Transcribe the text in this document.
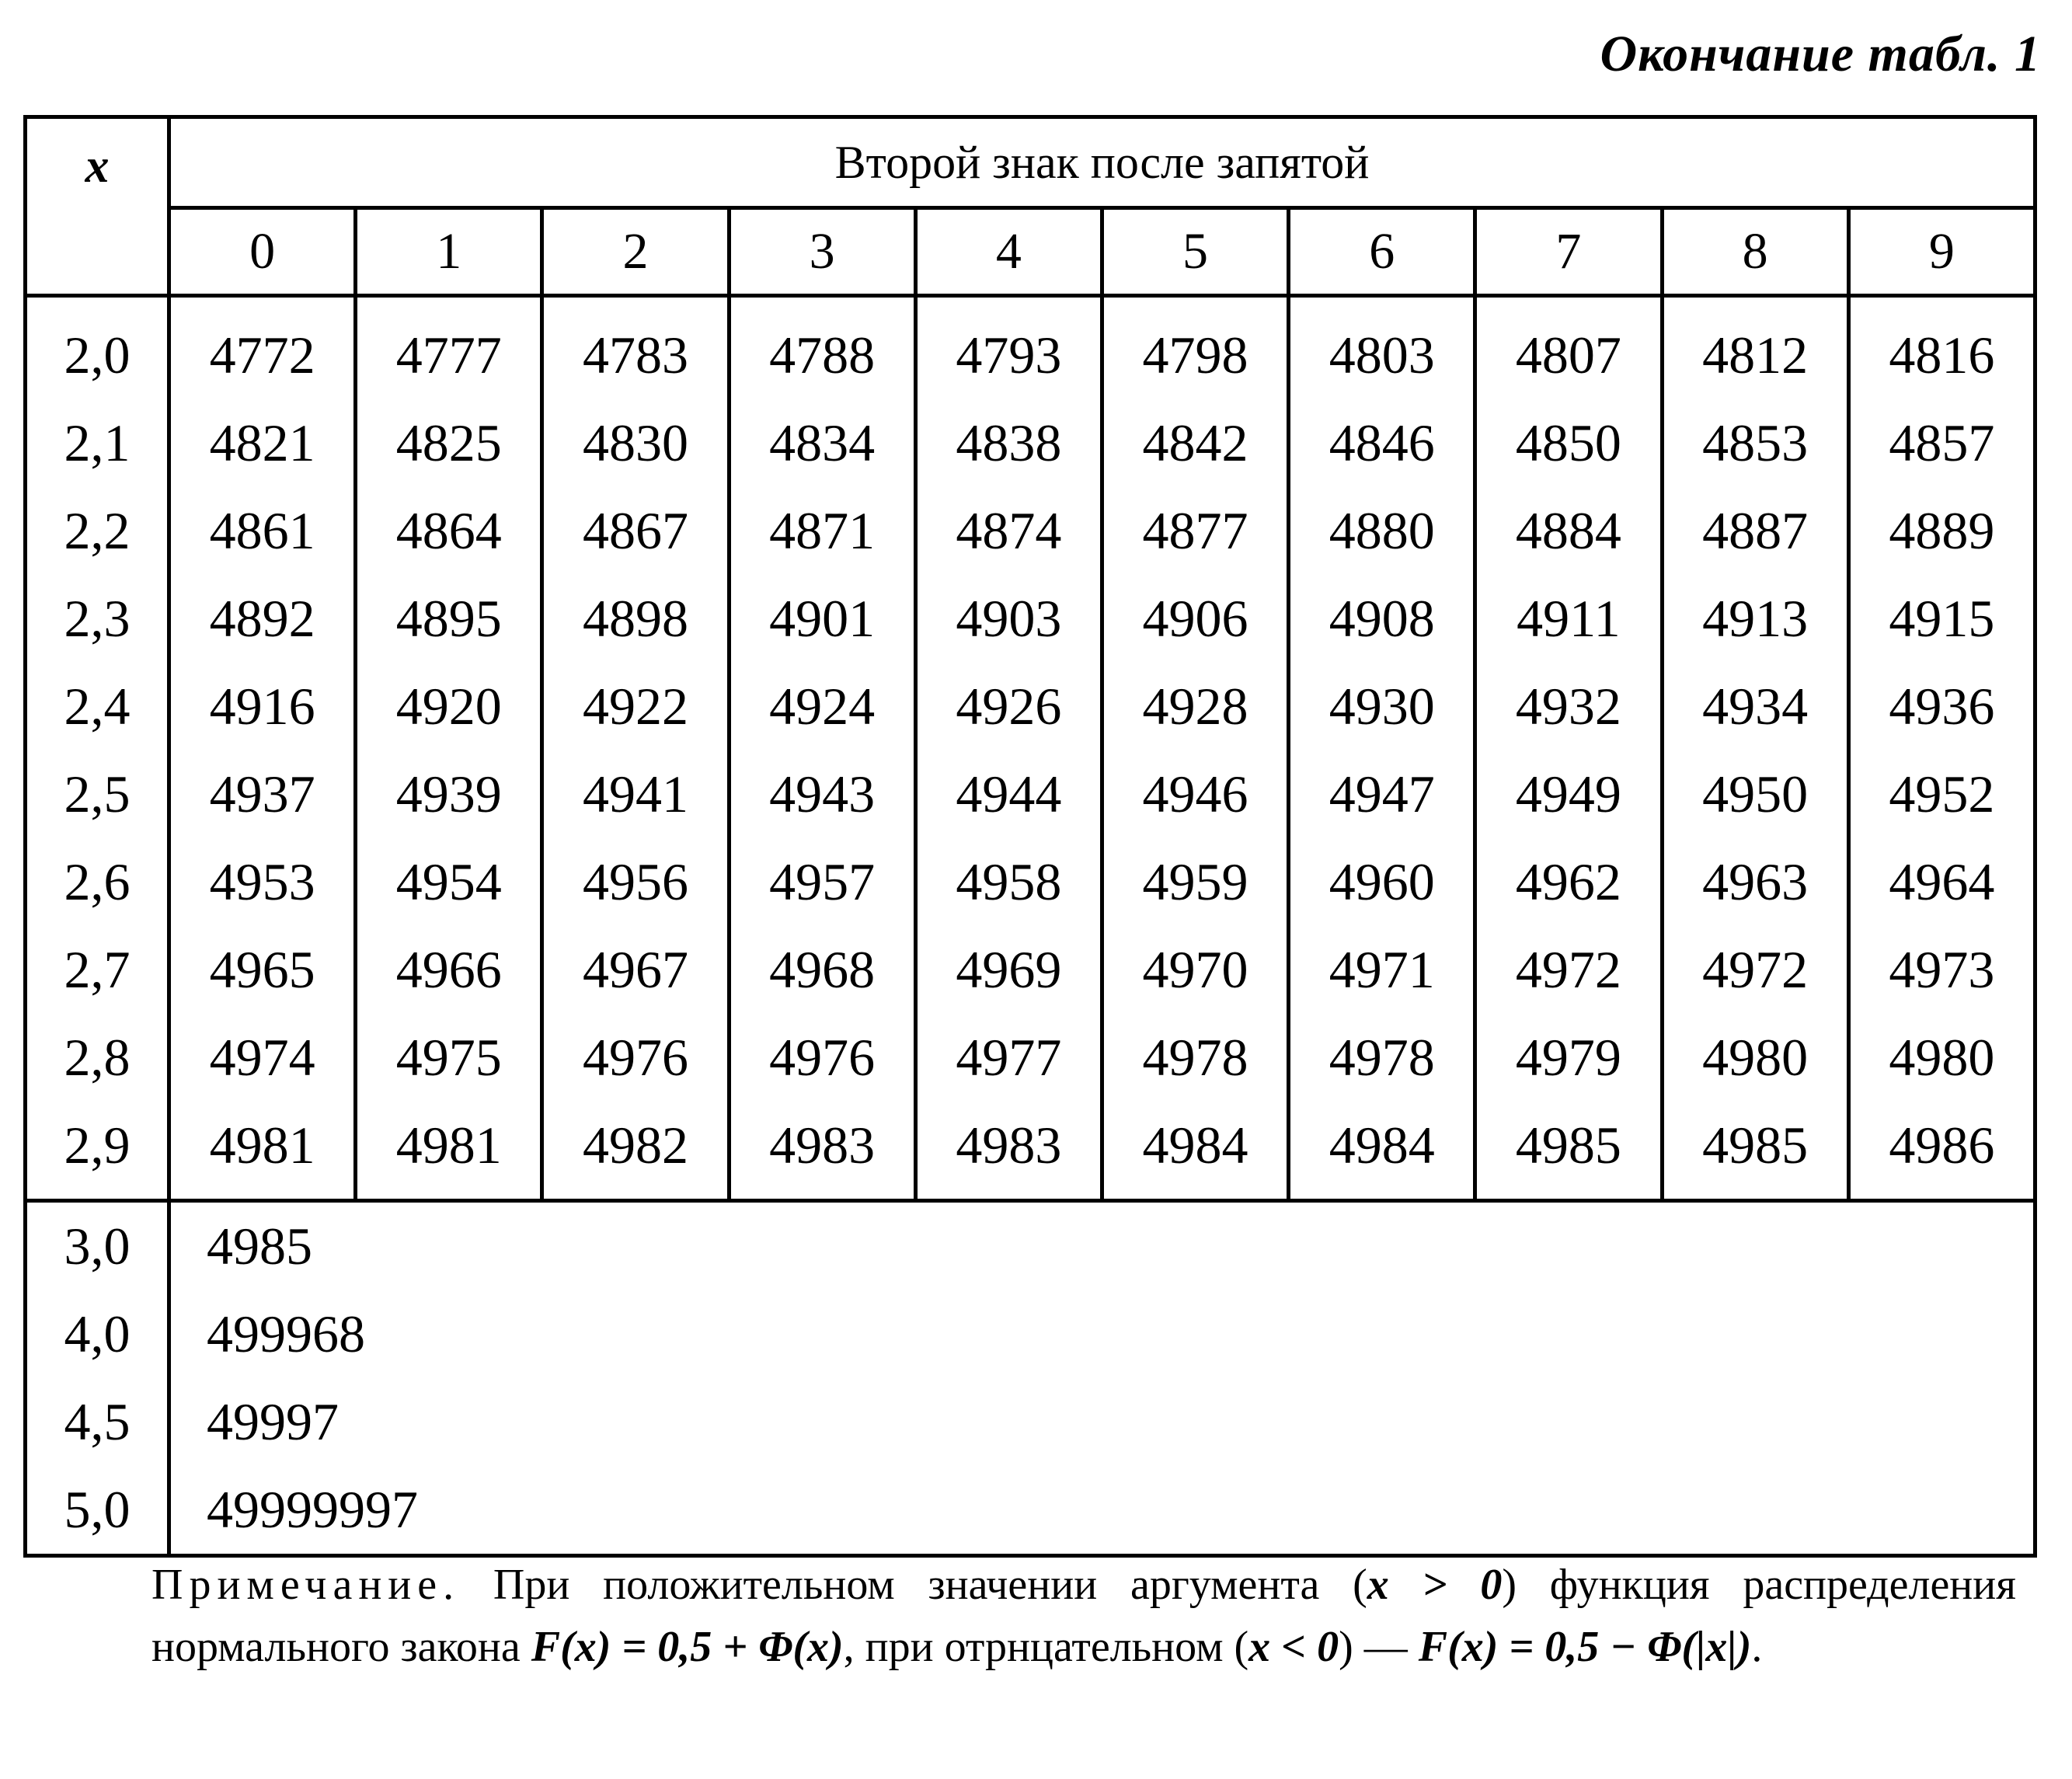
Окончание табл. 1
x	Второй знак после запятой									
	0	1	2	3	4	5	6	7	8	9
2,0	4772	4777	4783	4788	4793	4798	4803	4807	4812	4816
2,1	4821	4825	4830	4834	4838	4842	4846	4850	4853	4857
2,2	4861	4864	4867	4871	4874	4877	4880	4884	4887	4889
2,3	4892	4895	4898	4901	4903	4906	4908	4911	4913	4915
2,4	4916	4920	4922	4924	4926	4928	4930	4932	4934	4936
2,5	4937	4939	4941	4943	4944	4946	4947	4949	4950	4952
2,6	4953	4954	4956	4957	4958	4959	4960	4962	4963	4964
2,7	4965	4966	4967	4968	4969	4970	4971	4972	4972	4973
2,8	4974	4975	4976	4976	4977	4978	4978	4979	4980	4980
2,9	4981	4981	4982	4983	4983	4984	4984	4985	4985	4986
3,0	4985									
4,0	499968									
4,5	49997									
5,0	49999997									
Примечание. При положительном значении аргумента (x > 0) функция распределения нормального закона F(x) = 0,5 + Φ(x), при отрнцательном (x < 0) — F(x) = 0,5 − Φ(|x|).
